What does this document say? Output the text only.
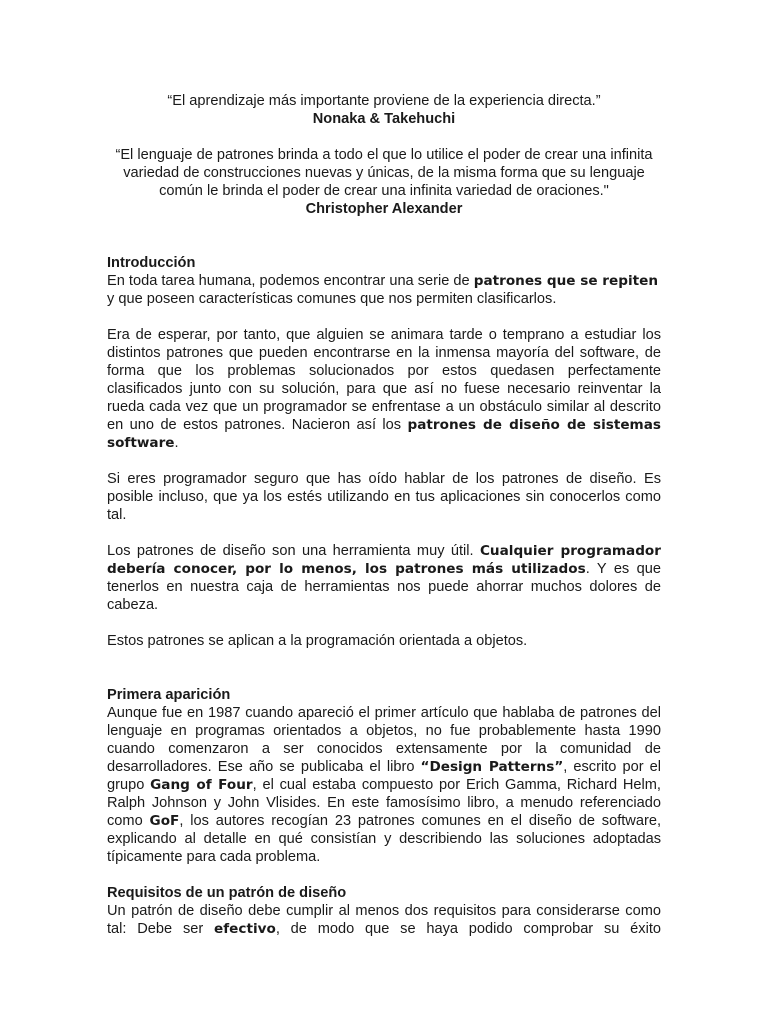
“El aprendizaje más importante proviene de la experiencia directa.”
Nonaka & Takehuchi
“El lenguaje de patrones brinda a todo el que lo utilice el poder de crear una infinita variedad de construcciones nuevas y únicas, de la misma forma que su lenguaje común le brinda el poder de crear una infinita variedad de oraciones."
Christopher Alexander
Introducción

En toda tarea humana, podemos encontrar una serie de patrones que se repiten y que poseen características comunes que nos permiten clasificarlos.

Era de esperar, por tanto, que alguien se animara tarde o temprano a estudiar los distintos patrones que pueden encontrarse en la inmensa mayoría del software, de forma que los problemas solucionados por estos quedasen perfectamente clasificados junto con su solución, para que así no fuese necesario reinventar la rueda cada vez que un programador se enfrentase a un obstáculo similar al descrito en uno de estos patrones. Nacieron así los patrones de diseño de sistemas software.

Si eres programador seguro que has oído hablar de los patrones de diseño. Es posible incluso, que ya los estés utilizando en tus aplicaciones sin conocerlos como tal.

Los patrones de diseño son una herramienta muy útil. Cualquier programador debería conocer, por lo menos, los patrones más utilizados. Y es que tenerlos en nuestra caja de herramientas nos puede ahorrar muchos dolores de cabeza.

Estos patrones se aplican a la programación orientada a objetos.

Primera aparición

Aunque fue en 1987 cuando apareció el primer artículo que hablaba de patrones del lenguaje en programas orientados a objetos, no fue probablemente hasta 1990 cuando comenzaron a ser conocidos extensamente por la comunidad de desarrolladores. Ese año se publicaba el libro “Design Patterns”, escrito por el grupo Gang of Four, el cual estaba compuesto por Erich Gamma, Richard Helm, Ralph Johnson y John Vlisides. En este famosísimo libro, a menudo referenciado como GoF, los autores recogían 23 patrones comunes en el diseño de software, explicando al detalle en qué consistían y describiendo las soluciones adoptadas típicamente para cada problema.

Requisitos de un patrón de diseño

Un patrón de diseño debe cumplir al menos dos requisitos para considerarse como tal: Debe ser efectivo, de modo que se haya podido comprobar su éxito
